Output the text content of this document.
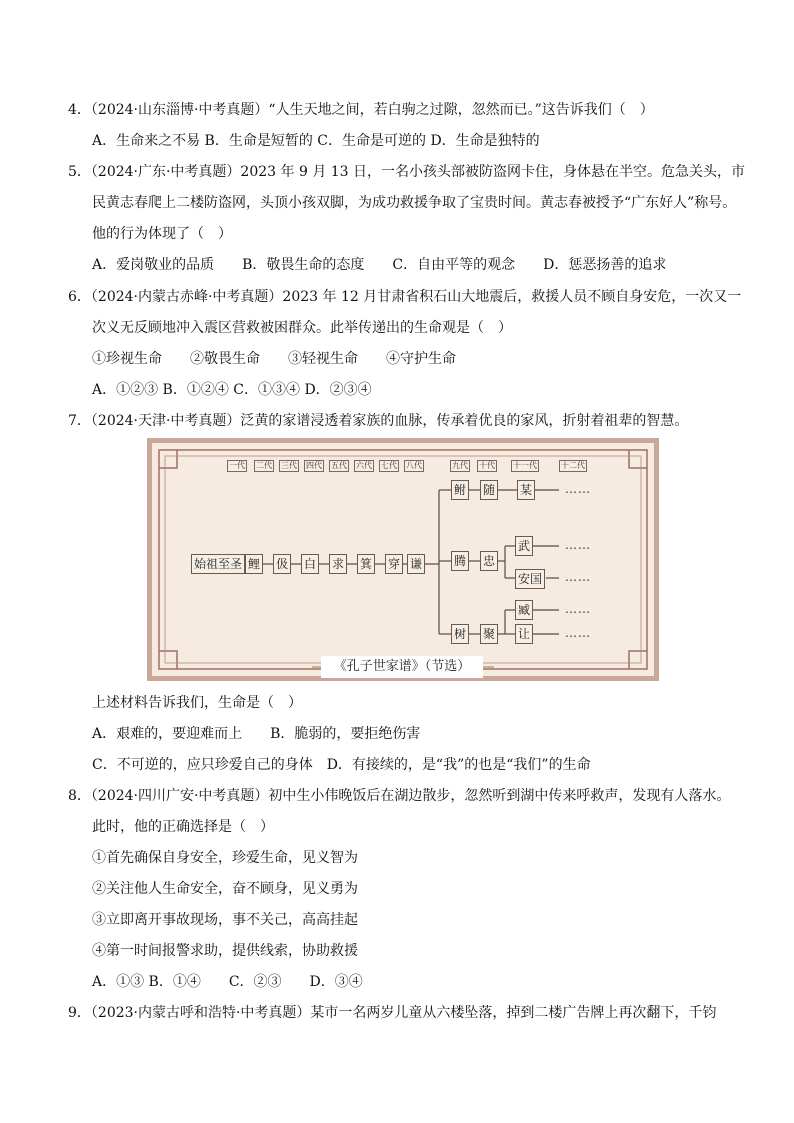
4．（2024·山东淄博·中考真题）“人生天地之间，若白驹之过隙，忽然而已。”这告诉我们（　）
A．生命来之不易 B．生命是短暂的 C．生命是可逆的 D．生命是独特的
5．（2024·广东·中考真题）2023 年 9 月 13 日，一名小孩头部被防盗网卡住，身体悬在半空。危急关头，市
民黄志春爬上二楼防盗网，头顶小孩双脚，为成功救援争取了宝贵时间。黄志春被授予“广东好人”称号。
他的行为体现了（　）
A．爱岗敬业的品质　　B．敬畏生命的态度　　C．自由平等的观念　　D．惩恶扬善的追求
6．（2024·内蒙古赤峰·中考真题）2023 年 12 月甘肃省积石山大地震后，救援人员不顾自身安危，一次又一
次义无反顾地冲入震区营救被困群众。此举传递出的生命观是（　）
①珍视生命　　②敬畏生命　　③轻视生命　　④守护生命
A．①②③ B．①②④ C．①③④ D．②③④
7．（2024·天津·中考真题）泛黄的家谱浸透着家族的血脉，传承着优良的家风，折射着祖辈的智慧。
一代 二代 三代 四代 五代 六代 七代 八代	九代 十代 十一代	十二代
始祖至圣 鲤 伋 白 求 箕 穿 谦
鲋 随 某	……
腾 忠
武
安国
……
……
树 聚
臧
让
……
……
《孔子世家谱》（节选）
上述材料告诉我们，生命是（　）
A．艰难的，要迎难而上　　B．脆弱的，要拒绝伤害
C．不可逆的，应只珍爱自己的身体　D．有接续的，是“我”的也是“我们”的生命
8．（2024·四川广安·中考真题）初中生小伟晚饭后在湖边散步，忽然听到湖中传来呼救声，发现有人落水。
此时，他的正确选择是（　）
①首先确保自身安全，珍爱生命，见义智为
②关注他人生命安全，奋不顾身，见义勇为
③立即离开事故现场，事不关己，高高挂起
④第一时间报警求助，提供线索，协助救援
A．①③ B．①④　　C．②③　　D．③④
9．（2023·内蒙古呼和浩特·中考真题）某市一名两岁儿童从六楼坠落，掉到二楼广告牌上再次翻下，千钧
